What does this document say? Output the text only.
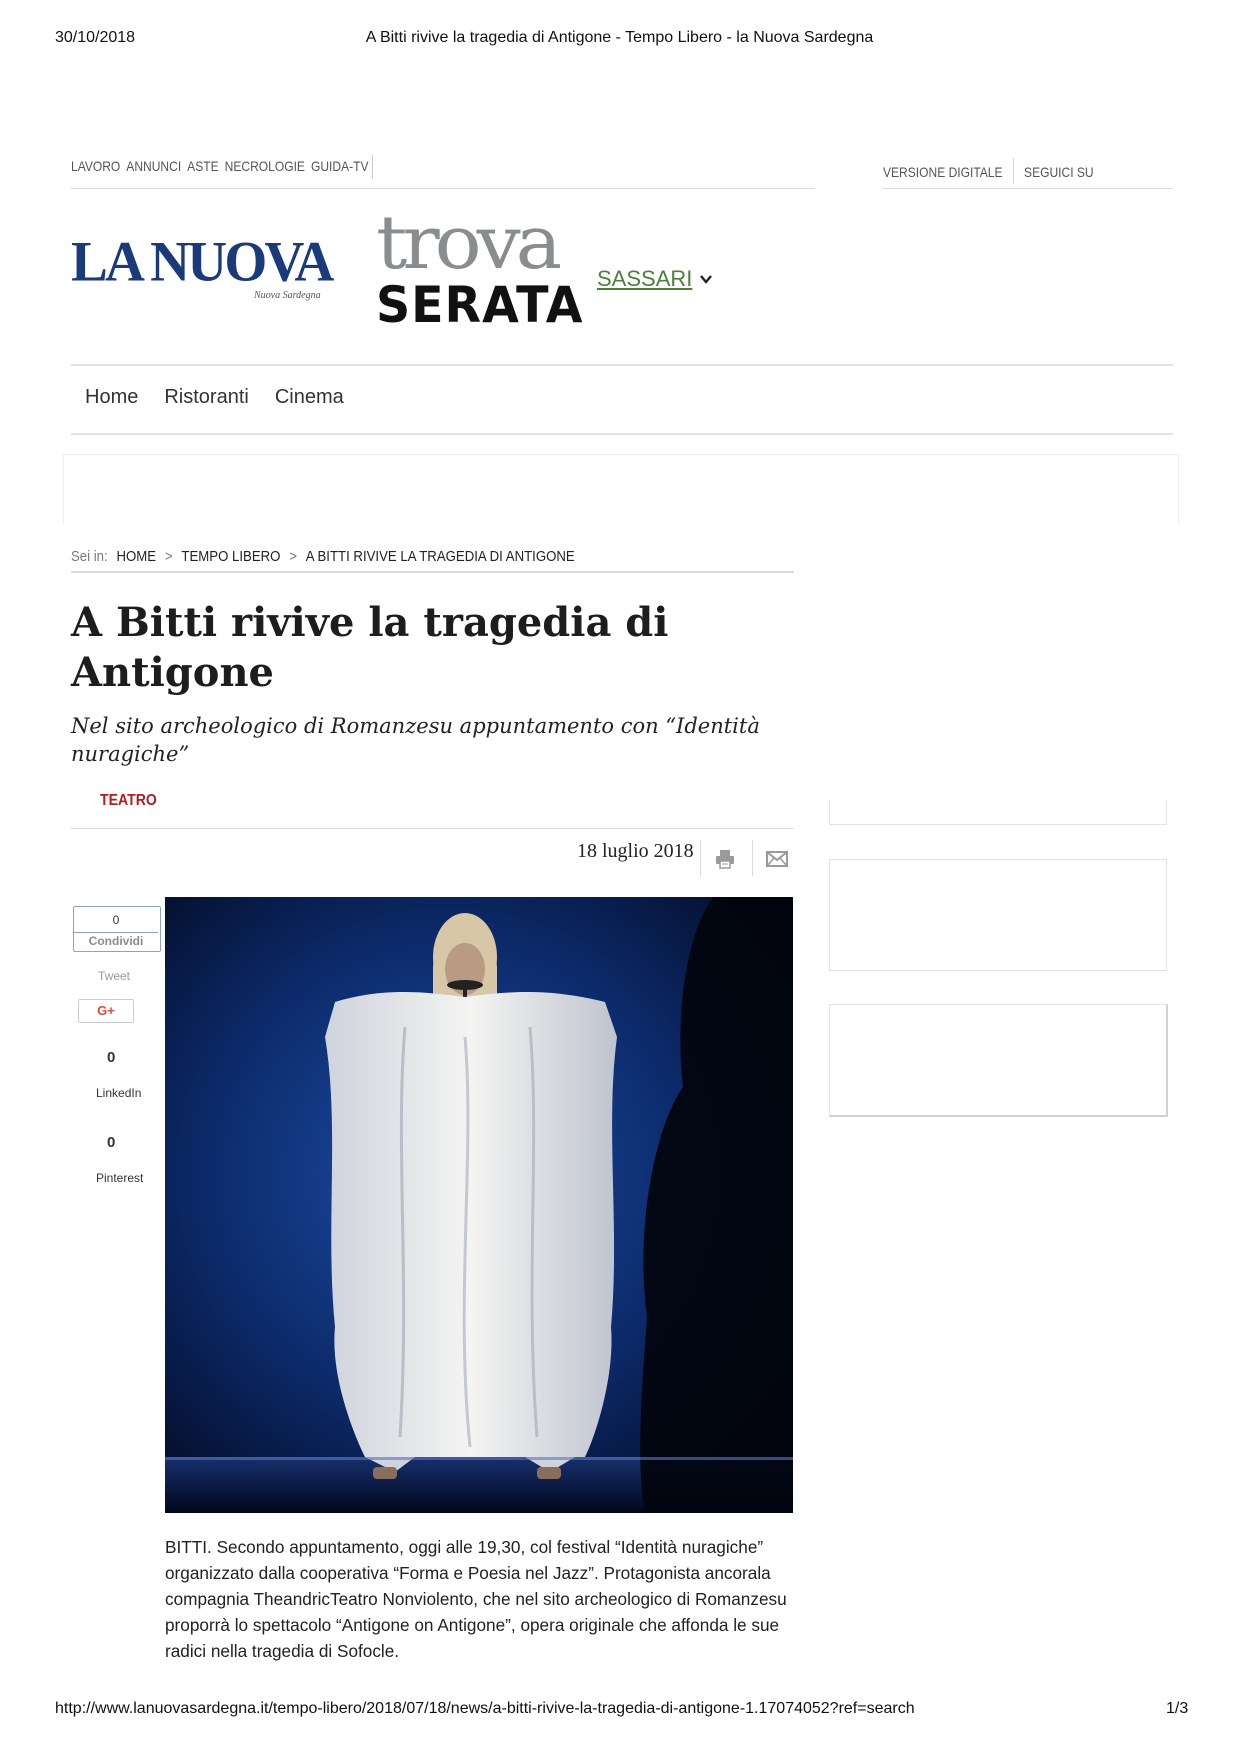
30/10/2018	A Bitti rivive la tragedia di Antigone - Tempo Libero - la Nuova Sardegna
LAVORO ANNUNCI ASTE NECROLOGIE GUIDA-TV	VERSIONE DIGITALE SEGUICI SU
LA NUOVA
Nuova Sardegna
trova
SERATA SASSARI
Home Ristoranti Cinema
Sei in: HOME > TEMPO LIBERO > A BITTI RIVIVE LA TRAGEDIA DI ANTIGONE
A Bitti rivive la tragedia di Antigone
Nel sito archeologico di Romanzesu appuntamento con “Identità nuragiche”
TEATRO
18 luglio 2018
0
Condividi
Tweet
G+
0
LinkedIn
0
Pinterest
BITTI. Secondo appuntamento, oggi alle 19,30, col festival “Identità nuragiche” organizzato dalla cooperativa “Forma e Poesia nel Jazz”. Protagonista ancorala compagnia TheandricTeatro Nonviolento, che nel sito archeologico di Romanzesu proporrà lo spettacolo “Antigone on Antigone”, opera originale che affonda le sue radici nella tragedia di Sofocle.
http://www.lanuovasardegna.it/tempo-libero/2018/07/18/news/a-bitti-rivive-la-tragedia-di-antigone-1.17074052?ref=search	1/3
